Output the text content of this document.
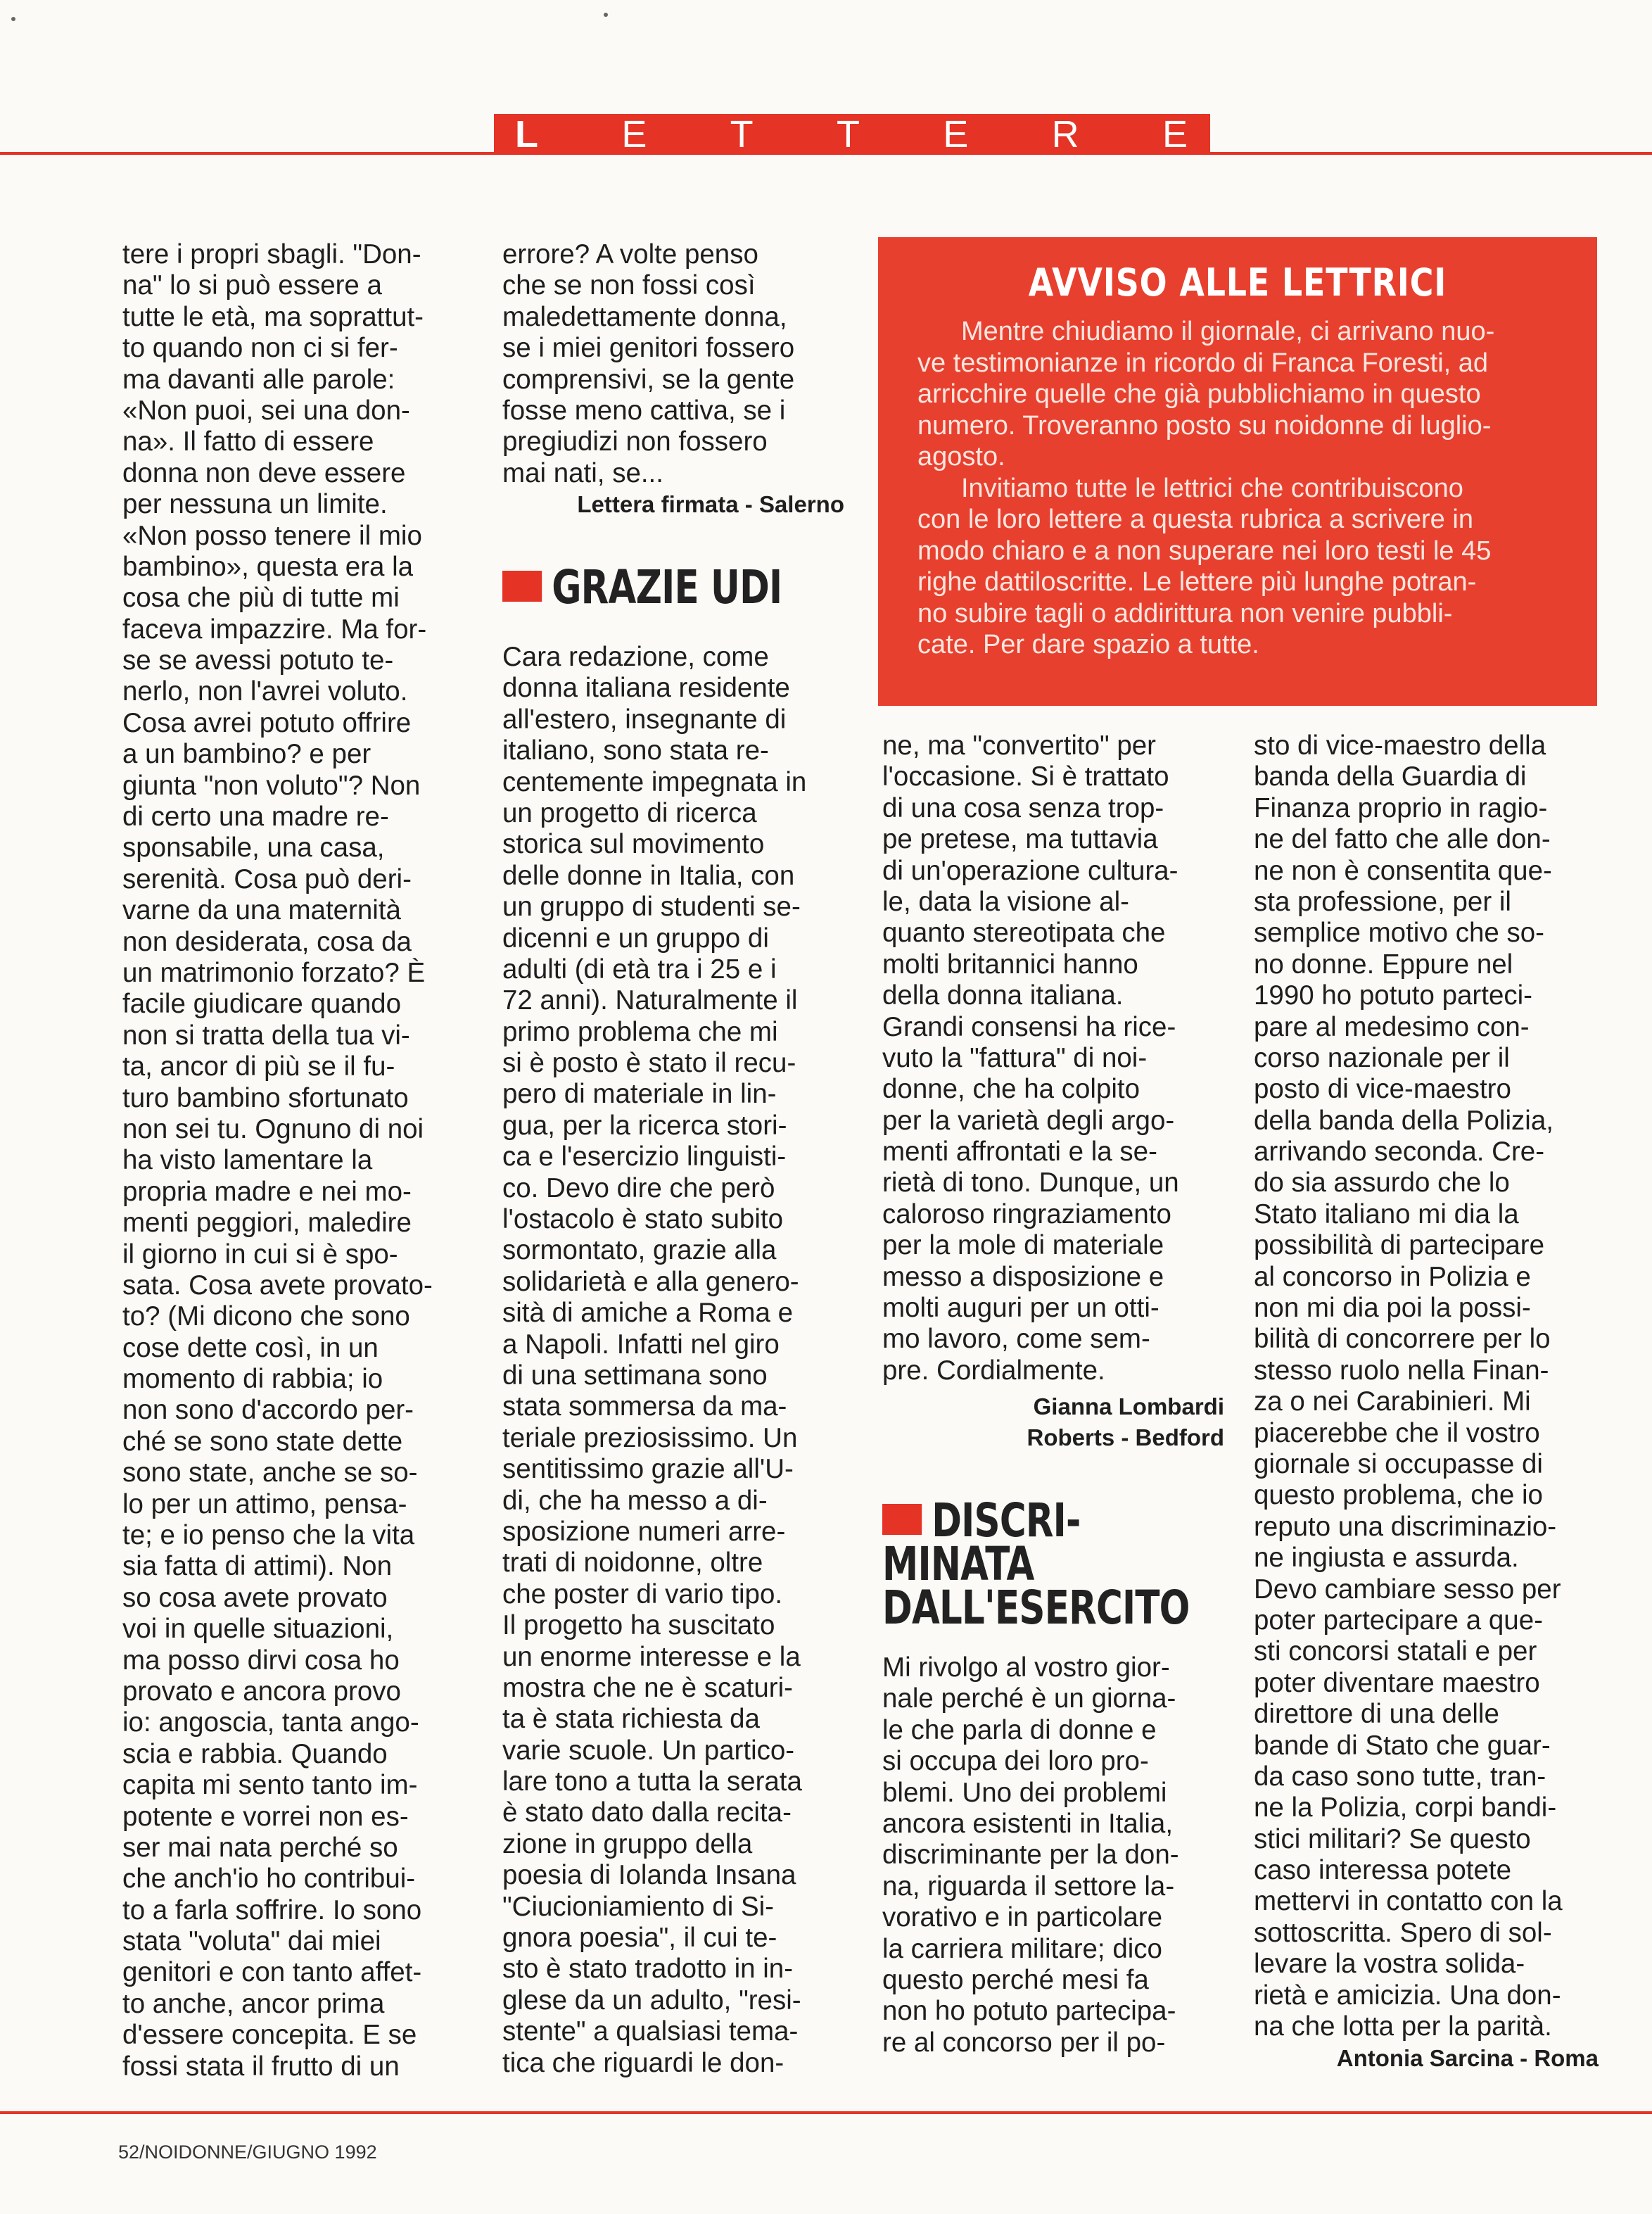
L E T T E R E
tere i propri sbagli. "Don-
na" lo si può essere a
tutte le età, ma soprattut-
to quando non ci si fer-
ma davanti alle parole:
«Non puoi, sei una don-
na». Il fatto di essere
donna non deve essere
per nessuna un limite.
«Non posso tenere il mio
bambino», questa era la
cosa che più di tutte mi
faceva impazzire. Ma for-
se se avessi potuto te-
nerlo, non l'avrei voluto.
Cosa avrei potuto offrire
a un bambino? e per
giunta "non voluto"? Non
di certo una madre re-
sponsabile, una casa,
serenità. Cosa può deri-
varne da una maternità
non desiderata, cosa da
un matrimonio forzato? È
facile giudicare quando
non si tratta della tua vi-
ta, ancor di più se il fu-
turo bambino sfortunato
non sei tu. Ognuno di noi
ha visto lamentare la
propria madre e nei mo-
menti peggiori, maledire
il giorno in cui si è spo-
sata. Cosa avete provato-
to? (Mi dicono che sono
cose dette così, in un
momento di rabbia; io
non sono d'accordo per-
ché se sono state dette
sono state, anche se so-
lo per un attimo, pensa-
te; e io penso che la vita
sia fatta di attimi). Non
so cosa avete provato
voi in quelle situazioni,
ma posso dirvi cosa ho
provato e ancora provo
io: angoscia, tanta ango-
scia e rabbia. Quando
capita mi sento tanto im-
potente e vorrei non es-
ser mai nata perché so
che anch'io ho contribui-
to a farla soffrire. Io sono
stata "voluta" dai miei
genitori e con tanto affet-
to anche, ancor prima
d'essere concepita. E se
fossi stata il frutto di un
errore? A volte penso
che se non fossi così
maledettamente donna,
se i miei genitori fossero
comprensivi, se la gente
fosse meno cattiva, se i
pregiudizi non fossero
mai nati, se...
Lettera firmata - Salerno
GRAZIE UDI
Cara redazione, come
donna italiana residente
all'estero, insegnante di
italiano, sono stata re-
centemente impegnata in
un progetto di ricerca
storica sul movimento
delle donne in Italia, con
un gruppo di studenti se-
dicenni e un gruppo di
adulti (di età tra i 25 e i
72 anni). Naturalmente il
primo problema che mi
si è posto è stato il recu-
pero di materiale in lin-
gua, per la ricerca stori-
ca e l'esercizio linguisti-
co. Devo dire che però
l'ostacolo è stato subito
sormontato, grazie alla
solidarietà e alla genero-
sità di amiche a Roma e
a Napoli. Infatti nel giro
di una settimana sono
stata sommersa da ma-
teriale preziosissimo. Un
sentitissimo grazie all'U-
di, che ha messo a di-
sposizione numeri arre-
trati di noidonne, oltre
che poster di vario tipo.
Il progetto ha suscitato
un enorme interesse e la
mostra che ne è scaturi-
ta è stata richiesta da
varie scuole. Un partico-
lare tono a tutta la serata
è stato dato dalla recita-
zione in gruppo della
poesia di Iolanda Insana
"Ciucioniamiento di Si-
gnora poesia", il cui te-
sto è stato tradotto in in-
glese da un adulto, "resi-
stente" a qualsiasi tema-
tica che riguardi le don-
AVVISO ALLE LETTRICI
Mentre chiudiamo il giornale, ci arrivano nuo-
ve testimonianze in ricordo di Franca Foresti, ad
arricchire quelle che già pubblichiamo in questo
numero. Troveranno posto su noidonne di luglio-
agosto.
Invitiamo tutte le lettrici che contribuiscono
con le loro lettere a questa rubrica a scrivere in
modo chiaro e a non superare nei loro testi le 45
righe dattiloscritte. Le lettere più lunghe potran-
no subire tagli o addirittura non venire pubbli-
cate. Per dare spazio a tutte.
ne, ma "convertito" per
l'occasione. Si è trattato
di una cosa senza trop-
pe pretese, ma tuttavia
di un'operazione cultura-
le, data la visione al-
quanto stereotipata che
molti britannici hanno
della donna italiana.
Grandi consensi ha rice-
vuto la "fattura" di noi-
donne, che ha colpito
per la varietà degli argo-
menti affrontati e la se-
rietà di tono. Dunque, un
caloroso ringraziamento
per la mole di materiale
messo a disposizione e
molti auguri per un otti-
mo lavoro, come sem-
pre. Cordialmente.
Gianna Lombardi
Roberts - Bedford
DISCRI-
MINATA
DALL'ESERCITO
Mi rivolgo al vostro gior-
nale perché è un giorna-
le che parla di donne e
si occupa dei loro pro-
blemi. Uno dei problemi
ancora esistenti in Italia,
discriminante per la don-
na, riguarda il settore la-
vorativo e in particolare
la carriera militare; dico
questo perché mesi fa
non ho potuto partecipa-
re al concorso per il po-
sto di vice-maestro della
banda della Guardia di
Finanza proprio in ragio-
ne del fatto che alle don-
ne non è consentita que-
sta professione, per il
semplice motivo che so-
no donne. Eppure nel
1990 ho potuto parteci-
pare al medesimo con-
corso nazionale per il
posto di vice-maestro
della banda della Polizia,
arrivando seconda. Cre-
do sia assurdo che lo
Stato italiano mi dia la
possibilità di partecipare
al concorso in Polizia e
non mi dia poi la possi-
bilità di concorrere per lo
stesso ruolo nella Finan-
za o nei Carabinieri. Mi
piacerebbe che il vostro
giornale si occupasse di
questo problema, che io
reputo una discriminazio-
ne ingiusta e assurda.
Devo cambiare sesso per
poter partecipare a que-
sti concorsi statali e per
poter diventare maestro
direttore di una delle
bande di Stato che guar-
da caso sono tutte, tran-
ne la Polizia, corpi bandi-
stici militari? Se questo
caso interessa potete
mettervi in contatto con la
sottoscritta. Spero di sol-
levare la vostra solida-
rietà e amicizia. Una don-
na che lotta per la parità.
Antonia Sarcina - Roma
52/NOIDONNE/GIUGNO 1992
